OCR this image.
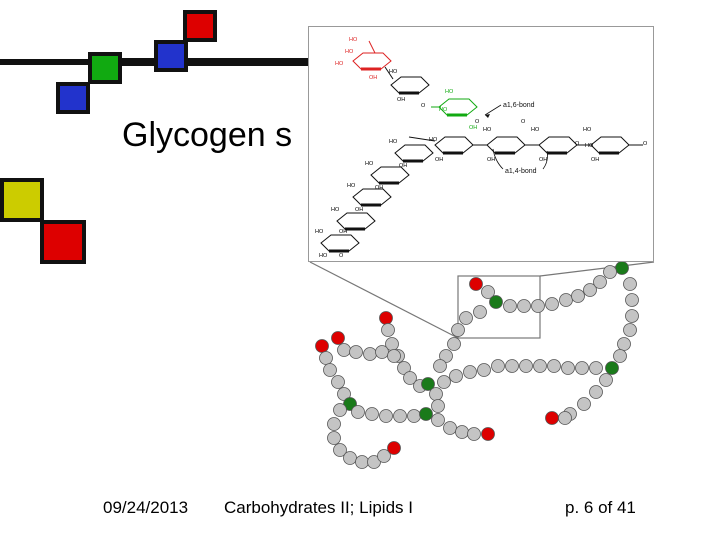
Glycogen s
HO
HO
HO
OH
HO
OH
O
HO
HO
OH
HO
OH
HO
OH
HO
OH
HO
HO
OH
O
O	O
O
HO
OH
HO
OH
HO
OH
HO
OH
HO
HO O
a1,6-bond
a1,4-bond
09/24/2013 Carbohydrates II; Lipids I	p. 6 of 41
